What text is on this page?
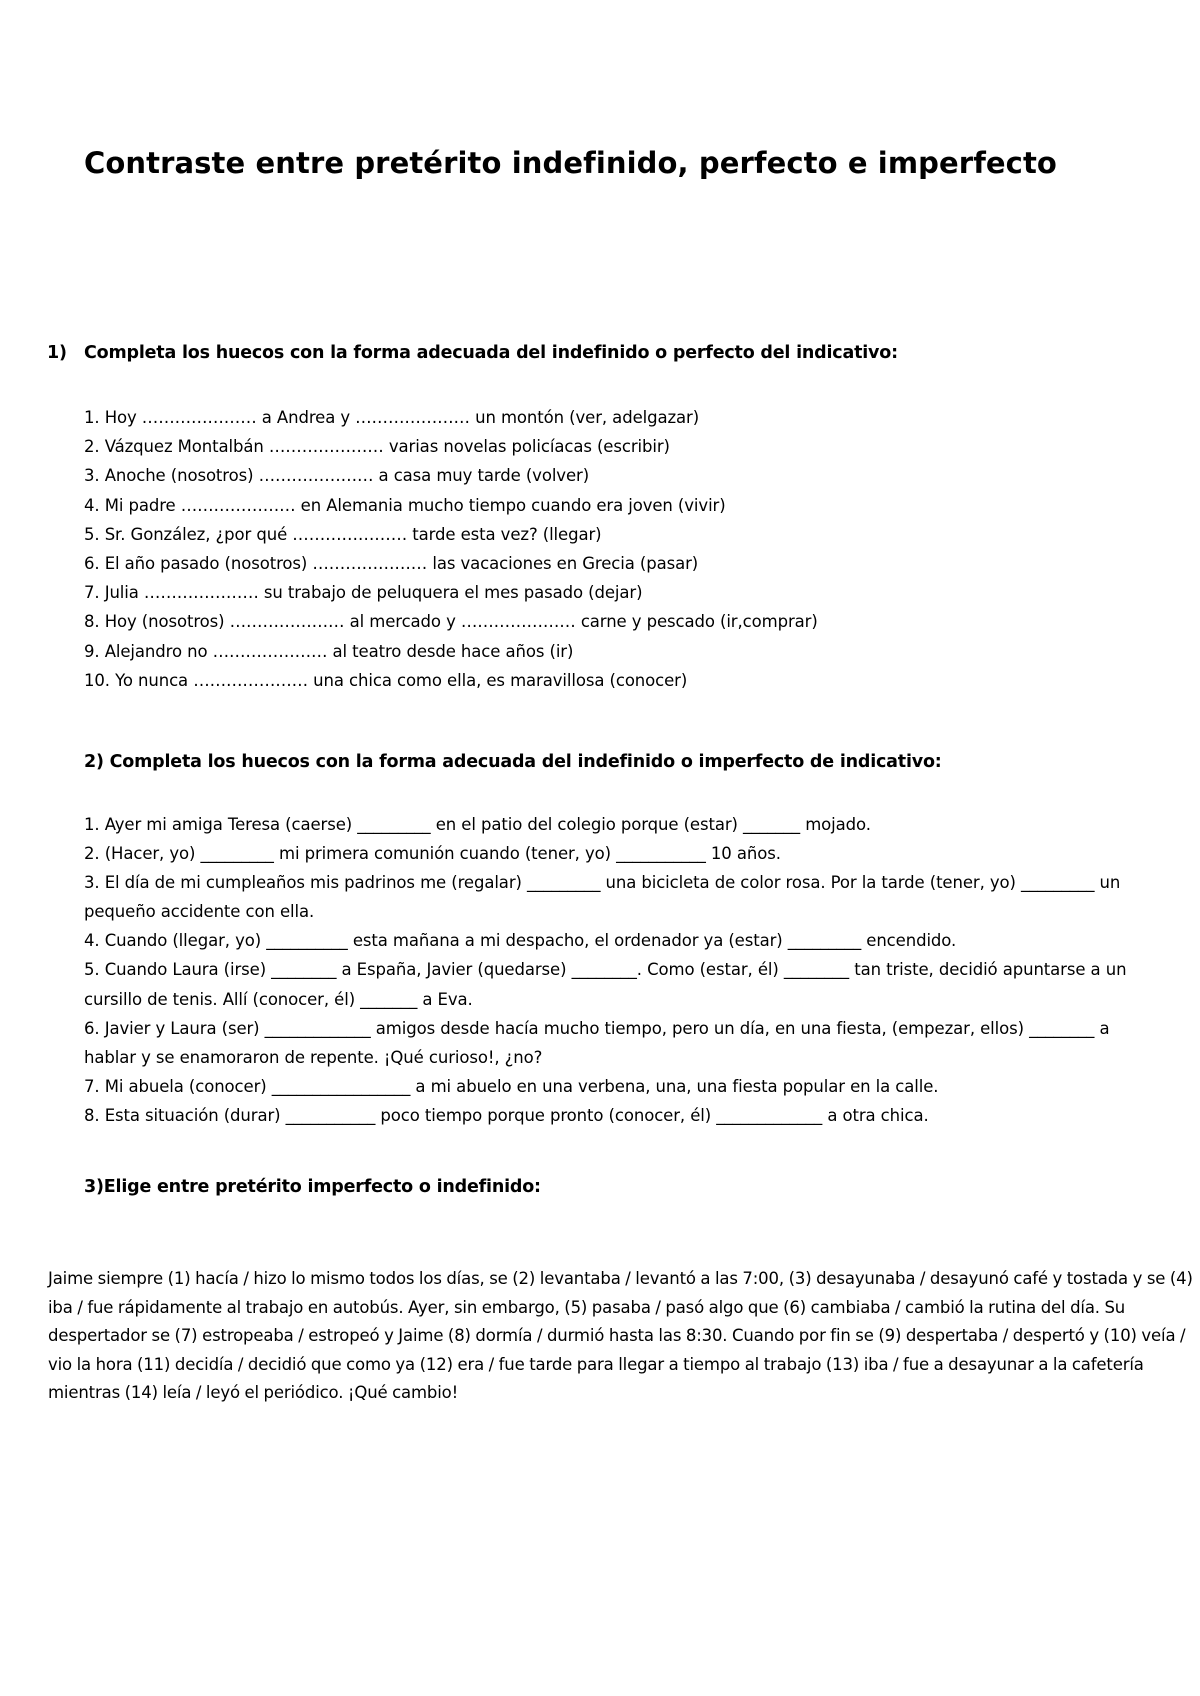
Contraste entre pretérito indefinido, perfecto e imperfecto
1) Completa los huecos con la forma adecuada del indefinido o perfecto del indicativo:
1. Hoy ………………… a Andrea y ………………… un montón (ver, adelgazar)
2. Vázquez Montalbán ………………… varias novelas policíacas (escribir)
3. Anoche (nosotros) ………………… a casa muy tarde (volver)
4. Mi padre ………………… en Alemania mucho tiempo cuando era joven (vivir)
5. Sr. González, ¿por qué ………………… tarde esta vez? (llegar)
6. El año pasado (nosotros) ………………… las vacaciones en Grecia (pasar)
7. Julia ………………… su trabajo de peluquera el mes pasado (dejar)
8. Hoy (nosotros) ………………… al mercado y ………………… carne y pescado (ir,comprar)
9. Alejandro no ………………… al teatro desde hace años (ir)
10. Yo nunca ………………… una chica como ella, es maravillosa (conocer)
2) Completa los huecos con la forma adecuada del indefinido o imperfecto de indicativo:
1. Ayer mi amiga Teresa (caerse) _________ en el patio del colegio porque (estar) _______ mojado.
2. (Hacer, yo) _________ mi primera comunión cuando (tener, yo) ___________ 10 años.
3. El día de mi cumpleaños mis padrinos me (regalar) _________ una bicicleta de color rosa. Por la tarde (tener, yo) _________ un pequeño accidente con ella.
4. Cuando (llegar, yo) __________ esta mañana a mi despacho, el ordenador ya (estar) _________ encendido.
5. Cuando Laura (irse) ________ a España, Javier (quedarse) ________. Como (estar, él) ________ tan triste, decidió apuntarse a un cursillo de tenis. Allí (conocer, él) _______ a Eva.
6. Javier y Laura (ser) _____________ amigos desde hacía mucho tiempo, pero un día, en una fiesta, (empezar, ellos) ________ a hablar y se enamoraron de repente. ¡Qué curioso!, ¿no?
7. Mi abuela (conocer) _________________ a mi abuelo en una verbena, una, una fiesta popular en la calle.
8. Esta situación (durar) ___________ poco tiempo porque pronto (conocer, él) _____________ a otra chica.
3)Elige entre pretérito imperfecto o indefinido:
Jaime siempre (1) hacía / hizo lo mismo todos los días, se (2) levantaba / levantó a las 7:00, (3) desayunaba / desayunó café y tostada y se (4) iba / fue rápidamente al trabajo en autobús. Ayer, sin embargo, (5) pasaba / pasó algo que (6) cambiaba / cambió la rutina del día. Su despertador se (7) estropeaba / estropeó y Jaime (8) dormía / durmió hasta las 8:30. Cuando por fin se (9) despertaba / despertó y (10) veía / vio la hora (11) decidía / decidió que como ya (12) era / fue tarde para llegar a tiempo al trabajo (13) iba / fue a desayunar a la cafetería mientras (14) leía / leyó el periódico. ¡Qué cambio!
